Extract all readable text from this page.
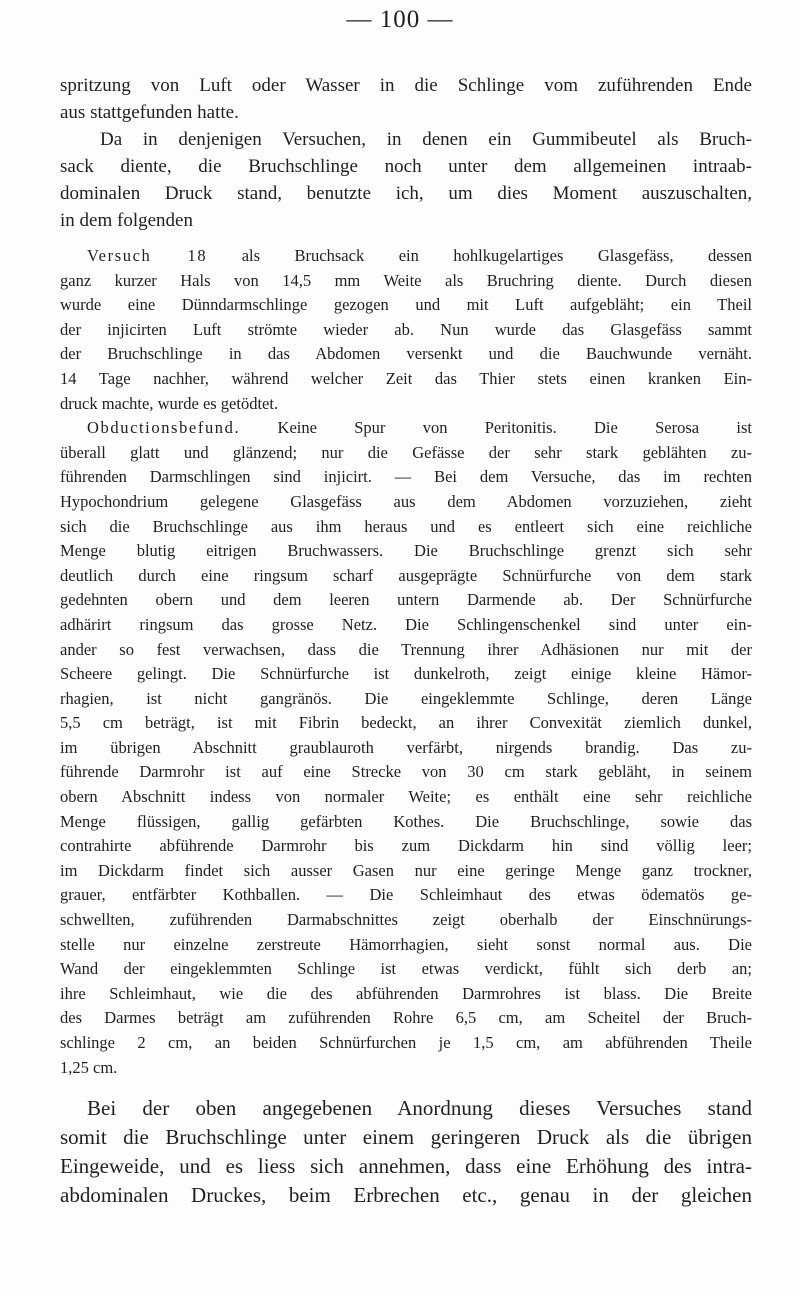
— 100 —
spritzung von Luft oder Wasser in die Schlinge vom zuführenden Ende
aus stattgefunden hatte.
Da in denjenigen Versuchen, in denen ein Gummibeutel als Bruch-
sack diente, die Bruchschlinge noch unter dem allgemeinen intraab-
dominalen Druck stand, benutzte ich, um dies Moment auszuschalten,
in dem folgenden
Versuch 18 als Bruchsack ein hohlkugelartiges Glasgefäss, dessen
ganz kurzer Hals von 14,5 mm Weite als Bruchring diente. Durch diesen
wurde eine Dünndarmschlinge gezogen und mit Luft aufgebläht; ein Theil
der injicirten Luft strömte wieder ab. Nun wurde das Glasgefäss sammt
der Bruchschlinge in das Abdomen versenkt und die Bauchwunde vernäht.
14 Tage nachher, während welcher Zeit das Thier stets einen kranken Ein-
druck machte, wurde es getödtet.
Obductionsbefund. Keine Spur von Peritonitis. Die Serosa ist
überall glatt und glänzend; nur die Gefässe der sehr stark geblähten zu-
führenden Darmschlingen sind injicirt. — Bei dem Versuche, das im rechten
Hypochondrium gelegene Glasgefäss aus dem Abdomen vorzuziehen, zieht
sich die Bruchschlinge aus ihm heraus und es entleert sich eine reichliche
Menge blutig eitrigen Bruchwassers. Die Bruchschlinge grenzt sich sehr
deutlich durch eine ringsum scharf ausgeprägte Schnürfurche von dem stark
gedehnten obern und dem leeren untern Darmende ab. Der Schnürfurche
adhärirt ringsum das grosse Netz. Die Schlingenschenkel sind unter ein-
ander so fest verwachsen, dass die Trennung ihrer Adhäsionen nur mit der
Scheere gelingt. Die Schnürfurche ist dunkelroth, zeigt einige kleine Hämor-
rhagien, ist nicht gangränös. Die eingeklemmte Schlinge, deren Länge
5,5 cm beträgt, ist mit Fibrin bedeckt, an ihrer Convexität ziemlich dunkel,
im übrigen Abschnitt graublauroth verfärbt, nirgends brandig. Das zu-
führende Darmrohr ist auf eine Strecke von 30 cm stark gebläht, in seinem
obern Abschnitt indess von normaler Weite; es enthält eine sehr reichliche
Menge flüssigen, gallig gefärbten Kothes. Die Bruchschlinge, sowie das
contrahirte abführende Darmrohr bis zum Dickdarm hin sind völlig leer;
im Dickdarm findet sich ausser Gasen nur eine geringe Menge ganz trockner,
grauer, entfärbter Kothballen. — Die Schleimhaut des etwas ödematös ge-
schwellten, zuführenden Darmabschnittes zeigt oberhalb der Einschnürungs-
stelle nur einzelne zerstreute Hämorrhagien, sieht sonst normal aus. Die
Wand der eingeklemmten Schlinge ist etwas verdickt, fühlt sich derb an;
ihre Schleimhaut, wie die des abführenden Darmrohres ist blass. Die Breite
des Darmes beträgt am zuführenden Rohre 6,5 cm, am Scheitel der Bruch-
schlinge 2 cm, an beiden Schnürfurchen je 1,5 cm, am abführenden Theile
1,25 cm.
Bei der oben angegebenen Anordnung dieses Versuches stand
somit die Bruchschlinge unter einem geringeren Druck als die übrigen
Eingeweide, und es liess sich annehmen, dass eine Erhöhung des intra-
abdominalen Druckes, beim Erbrechen etc., genau in der gleichen
